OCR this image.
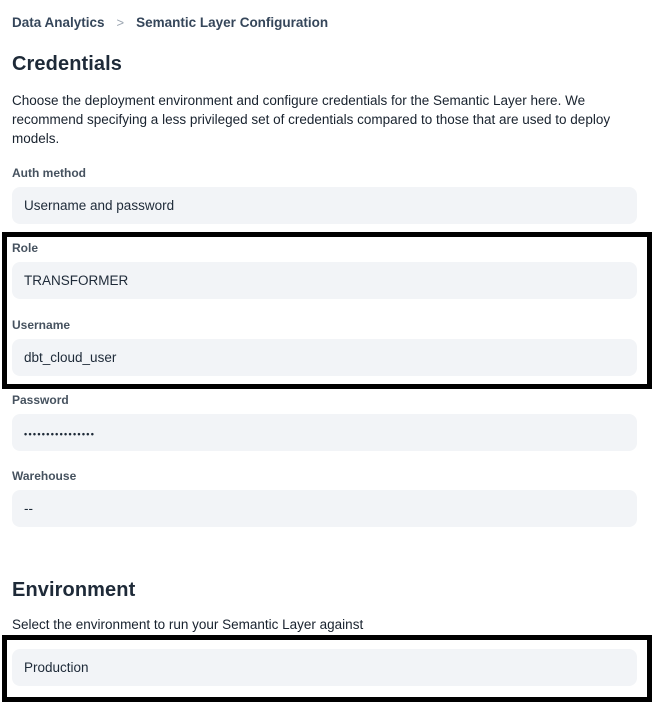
Data Analytics > Semantic Layer Configuration
Credentials

Choose the deployment environment and configure credentials for the Semantic Layer here. We recommend specifying a less privileged set of credentials compared to those that are used to deploy models.

Auth method
Username and password
Role
TRANSFORMER
Username
dbt_cloud_user
Password
••••••••••••••••
Warehouse
--
Environment

Select the environment to run your Semantic Layer against

Production
